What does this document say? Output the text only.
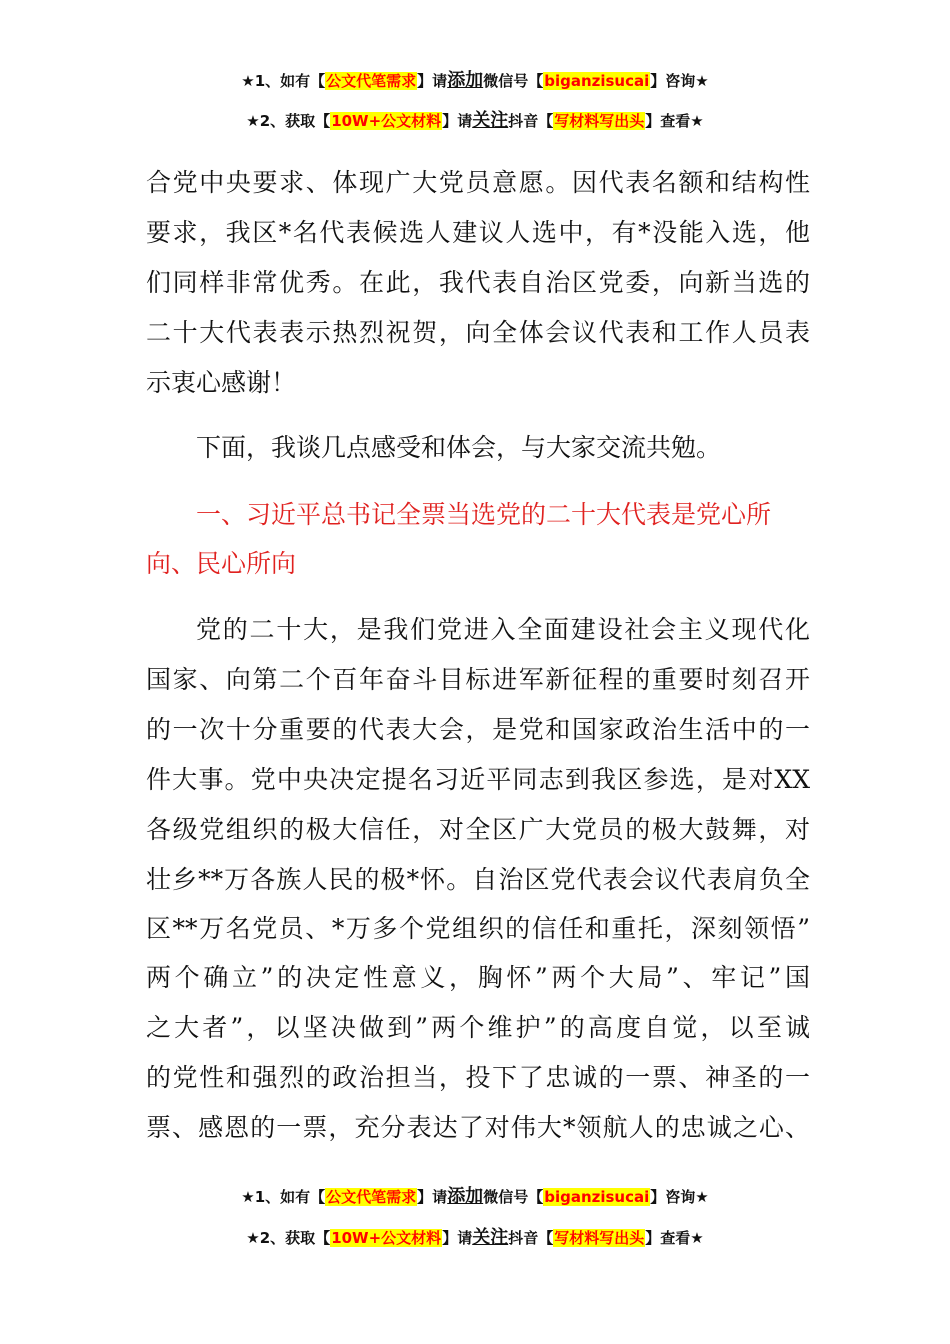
★1、如有【公文代笔需求】请添加微信号【biganzisucai】咨询★
★2、获取【10W+公文材料】请关注抖音【写材料写出头】查看★
合党中央要求、体现广大党员意愿。因代表名额和结构性
要求，我区*名代表候选人建议人选中，有*没能入选，他
们同样非常优秀。在此，我代表自治区党委，向新当选的
二十大代表表示热烈祝贺，向全体会议代表和工作人员表
示衷心感谢！
下面，我谈几点感受和体会，与大家交流共勉。
一、习近平总书记全票当选党的二十大代表是党心所
向、民心所向
党的二十大，是我们党进入全面建设社会主义现代化
国家、向第二个百年奋斗目标进军新征程的重要时刻召开
的一次十分重要的代表大会，是党和国家政治生活中的一
件大事。党中央决定提名习近平同志到我区参选，是对XX
各级党组织的极大信任，对全区广大党员的极大鼓舞，对
壮乡**万各族人民的极*怀。自治区党代表会议代表肩负全
区**万名党员、*万多个党组织的信任和重托，深刻领悟”
两个确立”的决定性意义，胸怀”两个大局”、牢记”国
之大者”，以坚决做到”两个维护”的高度自觉，以至诚
的党性和强烈的政治担当，投下了忠诚的一票、神圣的一
票、感恩的一票，充分表达了对伟大*领航人的忠诚之心、
★1、如有【公文代笔需求】请添加微信号【biganzisucai】咨询★
★2、获取【10W+公文材料】请关注抖音【写材料写出头】查看★
